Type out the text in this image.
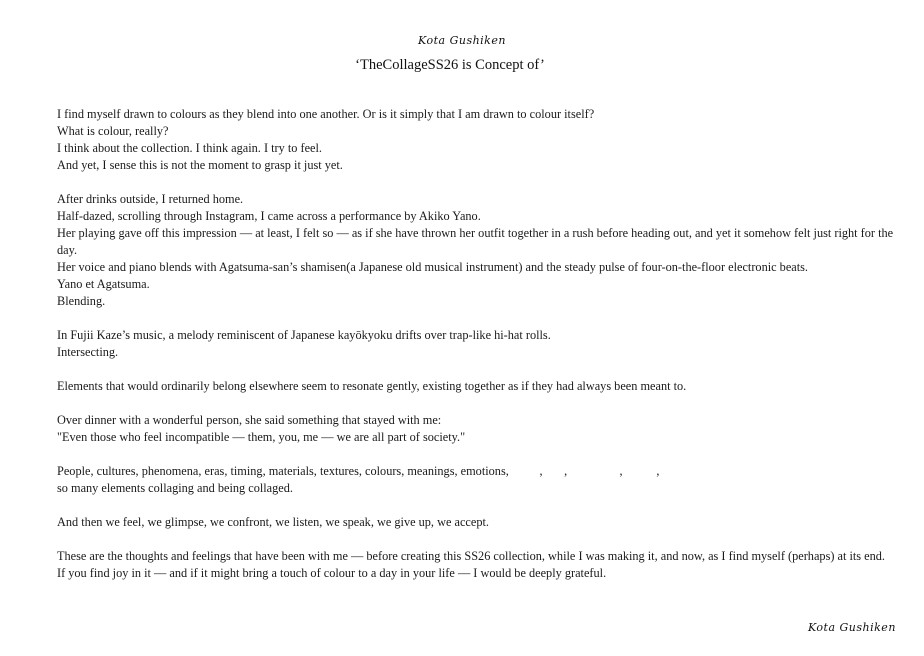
Kota Gushiken
‘TheCollageSS26 is Concept of’

I find myself drawn to colours as they blend into one another. Or is it simply that I am drawn to colour itself?

What is colour, really?

I think about the collection. I think again. I try to feel.

And yet, I sense this is not the moment to grasp it just yet.

After drinks outside, I returned home.

Half-dazed, scrolling through Instagram, I came across a performance by Akiko Yano.

Her playing gave off this impression — at least, I felt so — as if she have thrown her outfit together in a rush before heading out, and yet it somehow felt just right for the day.

Her voice and piano blends with Agatsuma-san’s shamisen(a Japanese old musical instrument) and the steady pulse of four-on-the-floor electronic beats.

Yano et Agatsuma.

Blending.

In Fujii Kaze’s music, a melody reminiscent of Japanese kayōkyoku drifts over trap-like hi-hat rolls.

Intersecting.

Elements that would ordinarily belong elsewhere seem to resonate gently, existing together as if they had always been meant to.

Over dinner with a wonderful person, she said something that stayed with me:

"Even those who feel incompatible — them, you, me — we are all part of society."

People, cultures, phenomena, eras, timing, materials, textures, colours, meanings, emotions,          ,       ,                 ,           ,

so many elements collaging and being collaged.

And then we feel, we glimpse, we confront, we listen, we speak, we give up, we accept.

These are the thoughts and feelings that have been with me — before creating this SS26 collection, while I was making it, and now, as I find myself (perhaps) at its end.

If you find joy in it — and if it might bring a touch of colour to a day in your life — I would be deeply grateful.

Kota Gushiken
